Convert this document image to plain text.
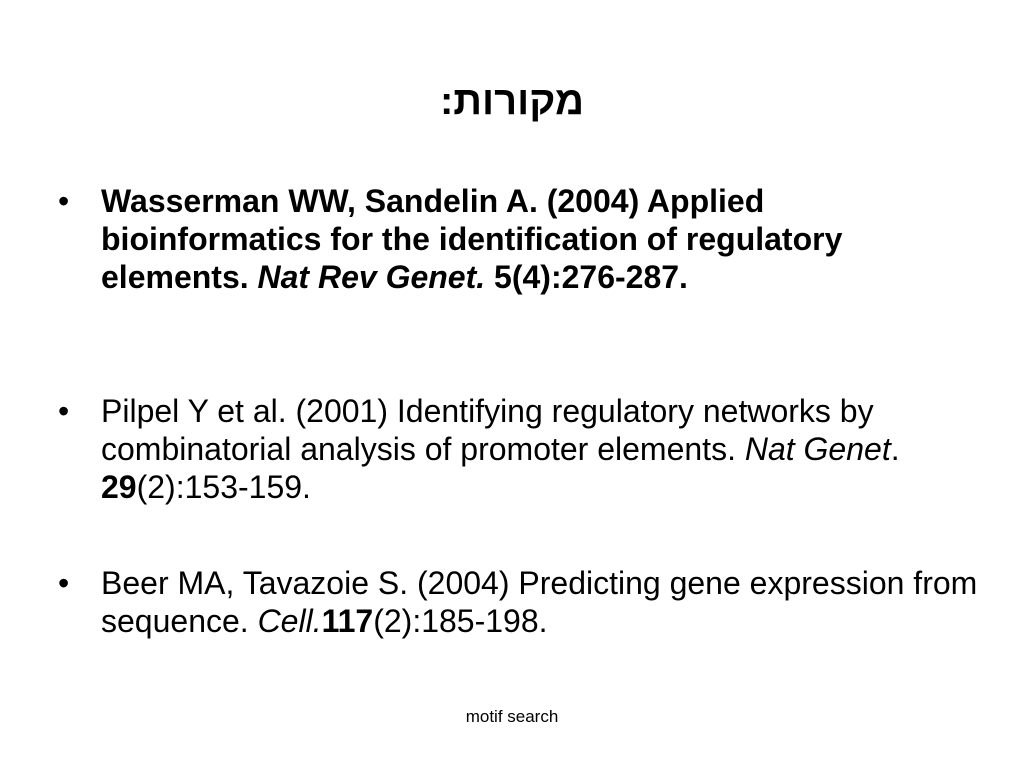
מקורות:
• Wasserman WW, Sandelin A. (2004) Applied bioinformatics for the identification of regulatory elements. Nat Rev Genet. 5(4):276-287.
• Pilpel Y et al. (2001) Identifying regulatory networks by combinatorial analysis of promoter elements. Nat Genet. 29(2):153-159.
• Beer MA, Tavazoie S. (2004) Predicting gene expression from sequence. Cell.117(2):185-198.
motif search
